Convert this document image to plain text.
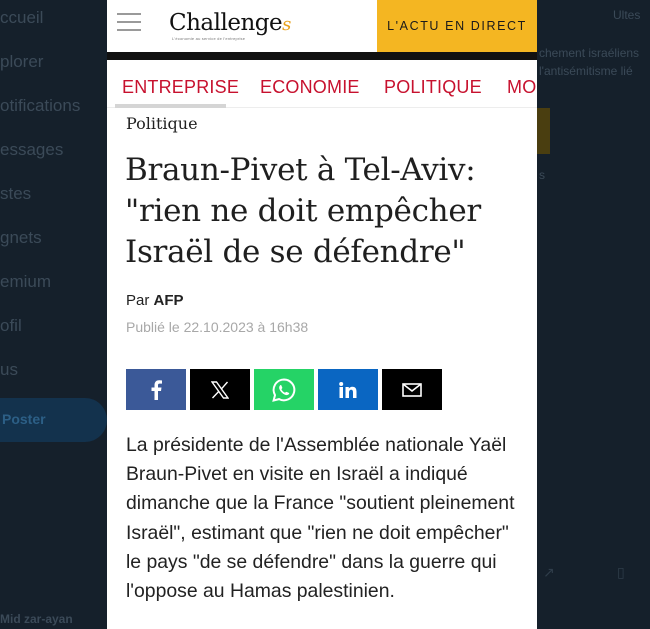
ccueil
plorer
otifications
essages
stes
gnets
emium
ofil
us
Poster
Mid zar-ayan
Ultes
chement israéliens
l'antisémitisme lié
s
↗	▯
Challenges
L'économie au service de l'entreprise
L'ACTU EN DIRECT
ENTREPRISE ECONOMIE POLITIQUE MO
Politique
Braun-Pivet à Tel-Aviv: "rien ne doit empêcher Israël de se défendre"
Par AFP
Publié le 22.10.2023 à 16h38

La présidente de l'Assemblée nationale Yaël Braun-Pivet en visite en Israël a indiqué dimanche que la France "soutient pleinement Israël", estimant que "rien ne doit empêcher" le pays "de se défendre" dans la guerre qui l'oppose au Hamas palestinien.
